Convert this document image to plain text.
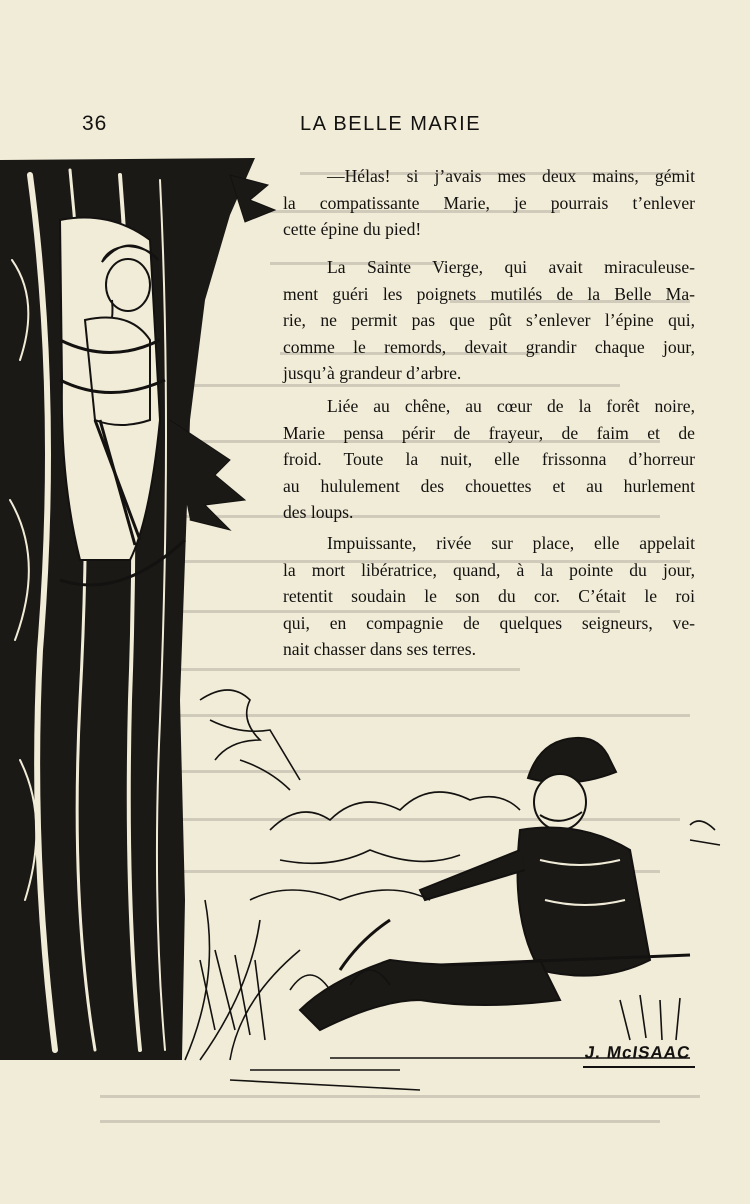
36	LA BELLE MARIE

—Hélas! si j’avais mes deux mains, gémit
la compatissante Marie, je pourrais t’enlever
cette épine du pied!

La Sainte Vierge, qui avait miraculeuse-
ment guéri les poignets mutilés de la Belle Ma-
rie, ne permit pas que pût s’enlever l’épine qui,
comme le remords, devait grandir chaque jour,
jusqu’à grandeur d’arbre.

Liée au chêne, au cœur de la forêt noire,
Marie pensa périr de frayeur, de faim et de
froid. Toute la nuit, elle frissonna d’horreur
au hululement des chouettes et au hurlement
des loups.

Impuissante, rivée sur place, elle appelait
la mort libératrice, quand, à la pointe du jour,
retentit soudain le son du cor. C’était le roi
qui, en compagnie de quelques seigneurs, ve-
nait chasser dans ses terres.

J. McISAAC
